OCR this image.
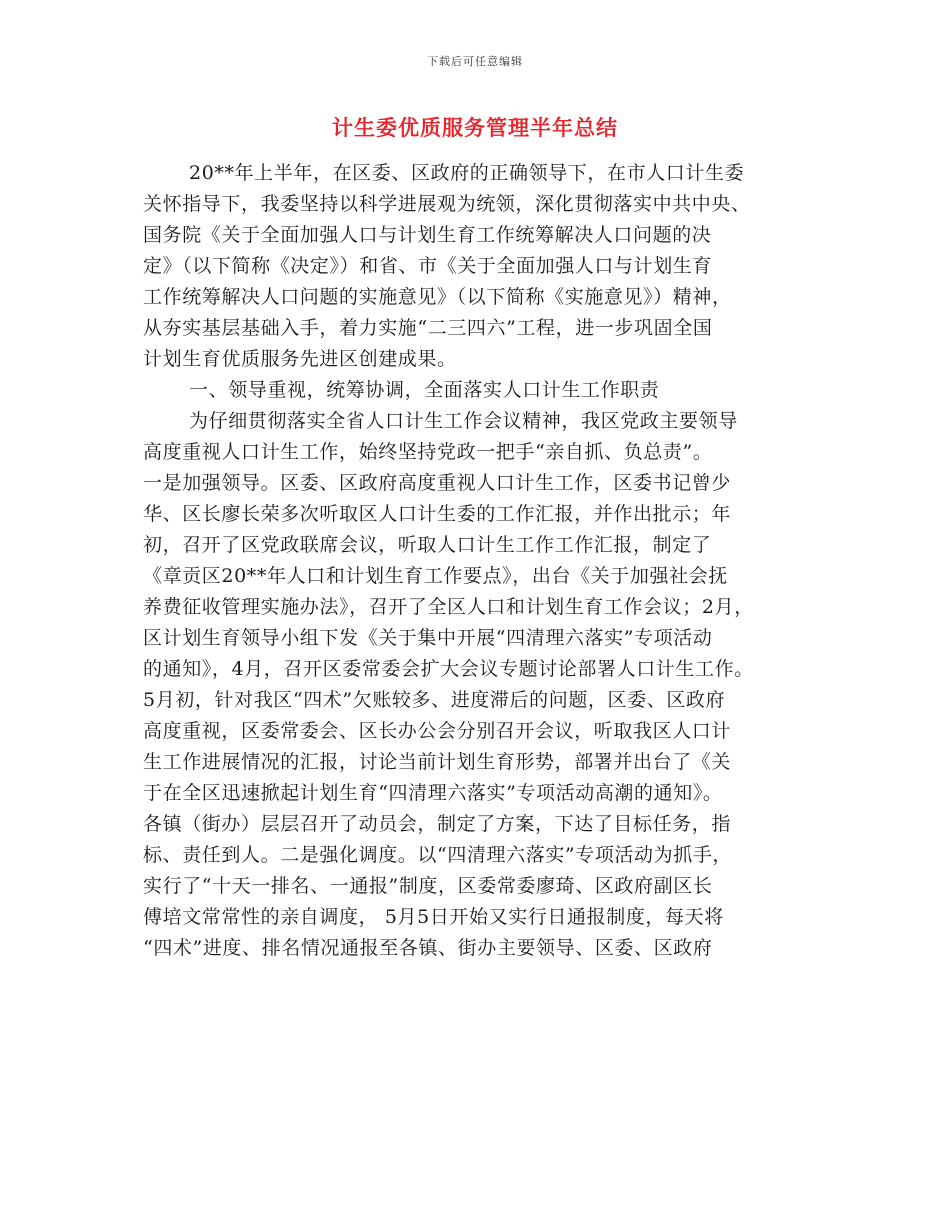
下载后可任意编辑
计生委优质服务管理半年总结
20**年上半年，在区委、区政府的正确领导下，在市人口计生委
关怀指导下，我委坚持以科学进展观为统领，深化贯彻落实中共中央、
国务院《关于全面加强人口与计划生育工作统筹解决人口问题的决
定》（以下简称《决定》）和省、市《关于全面加强人口与计划生育
工作统筹解决人口问题的实施意见》（以下简称《实施意见》）精神，
从夯实基层基础入手，着力实施“二三四六”工程，进一步巩固全国
计划生育优质服务先进区创建成果。
一、领导重视，统筹协调，全面落实人口计生工作职责
为仔细贯彻落实全省人口计生工作会议精神，我区党政主要领导
高度重视人口计生工作，始终坚持党政一把手“亲自抓、负总责”。
一是加强领导。区委、区政府高度重视人口计生工作，区委书记曾少
华、区长廖长荣多次听取区人口计生委的工作汇报，并作出批示；年
初，召开了区党政联席会议，听取人口计生工作工作汇报，制定了
《章贡区20**年人口和计划生育工作要点》，出台《关于加强社会抚
养费征收管理实施办法》，召开了全区人口和计划生育工作会议；2月，
区计划生育领导小组下发《关于集中开展“四清理六落实”专项活动
的通知》，4月，召开区委常委会扩大会议专题讨论部署人口计生工作。
5月初，针对我区“四术”欠账较多、进度滞后的问题，区委、区政府
高度重视，区委常委会、区长办公会分别召开会议，听取我区人口计
生工作进展情况的汇报，讨论当前计划生育形势，部署并出台了《关
于在全区迅速掀起计划生育“四清理六落实”专项活动高潮的通知》。
各镇（街办）层层召开了动员会，制定了方案，下达了目标任务，指
标、责任到人。二是强化调度。以“四清理六落实”专项活动为抓手，
实行了“十天一排名、一通报”制度，区委常委廖琦、区政府副区长
傅培文常常性的亲自调度， 5月5日开始又实行日通报制度，每天将
“四术”进度、排名情况通报至各镇、街办主要领导、区委、区政府
